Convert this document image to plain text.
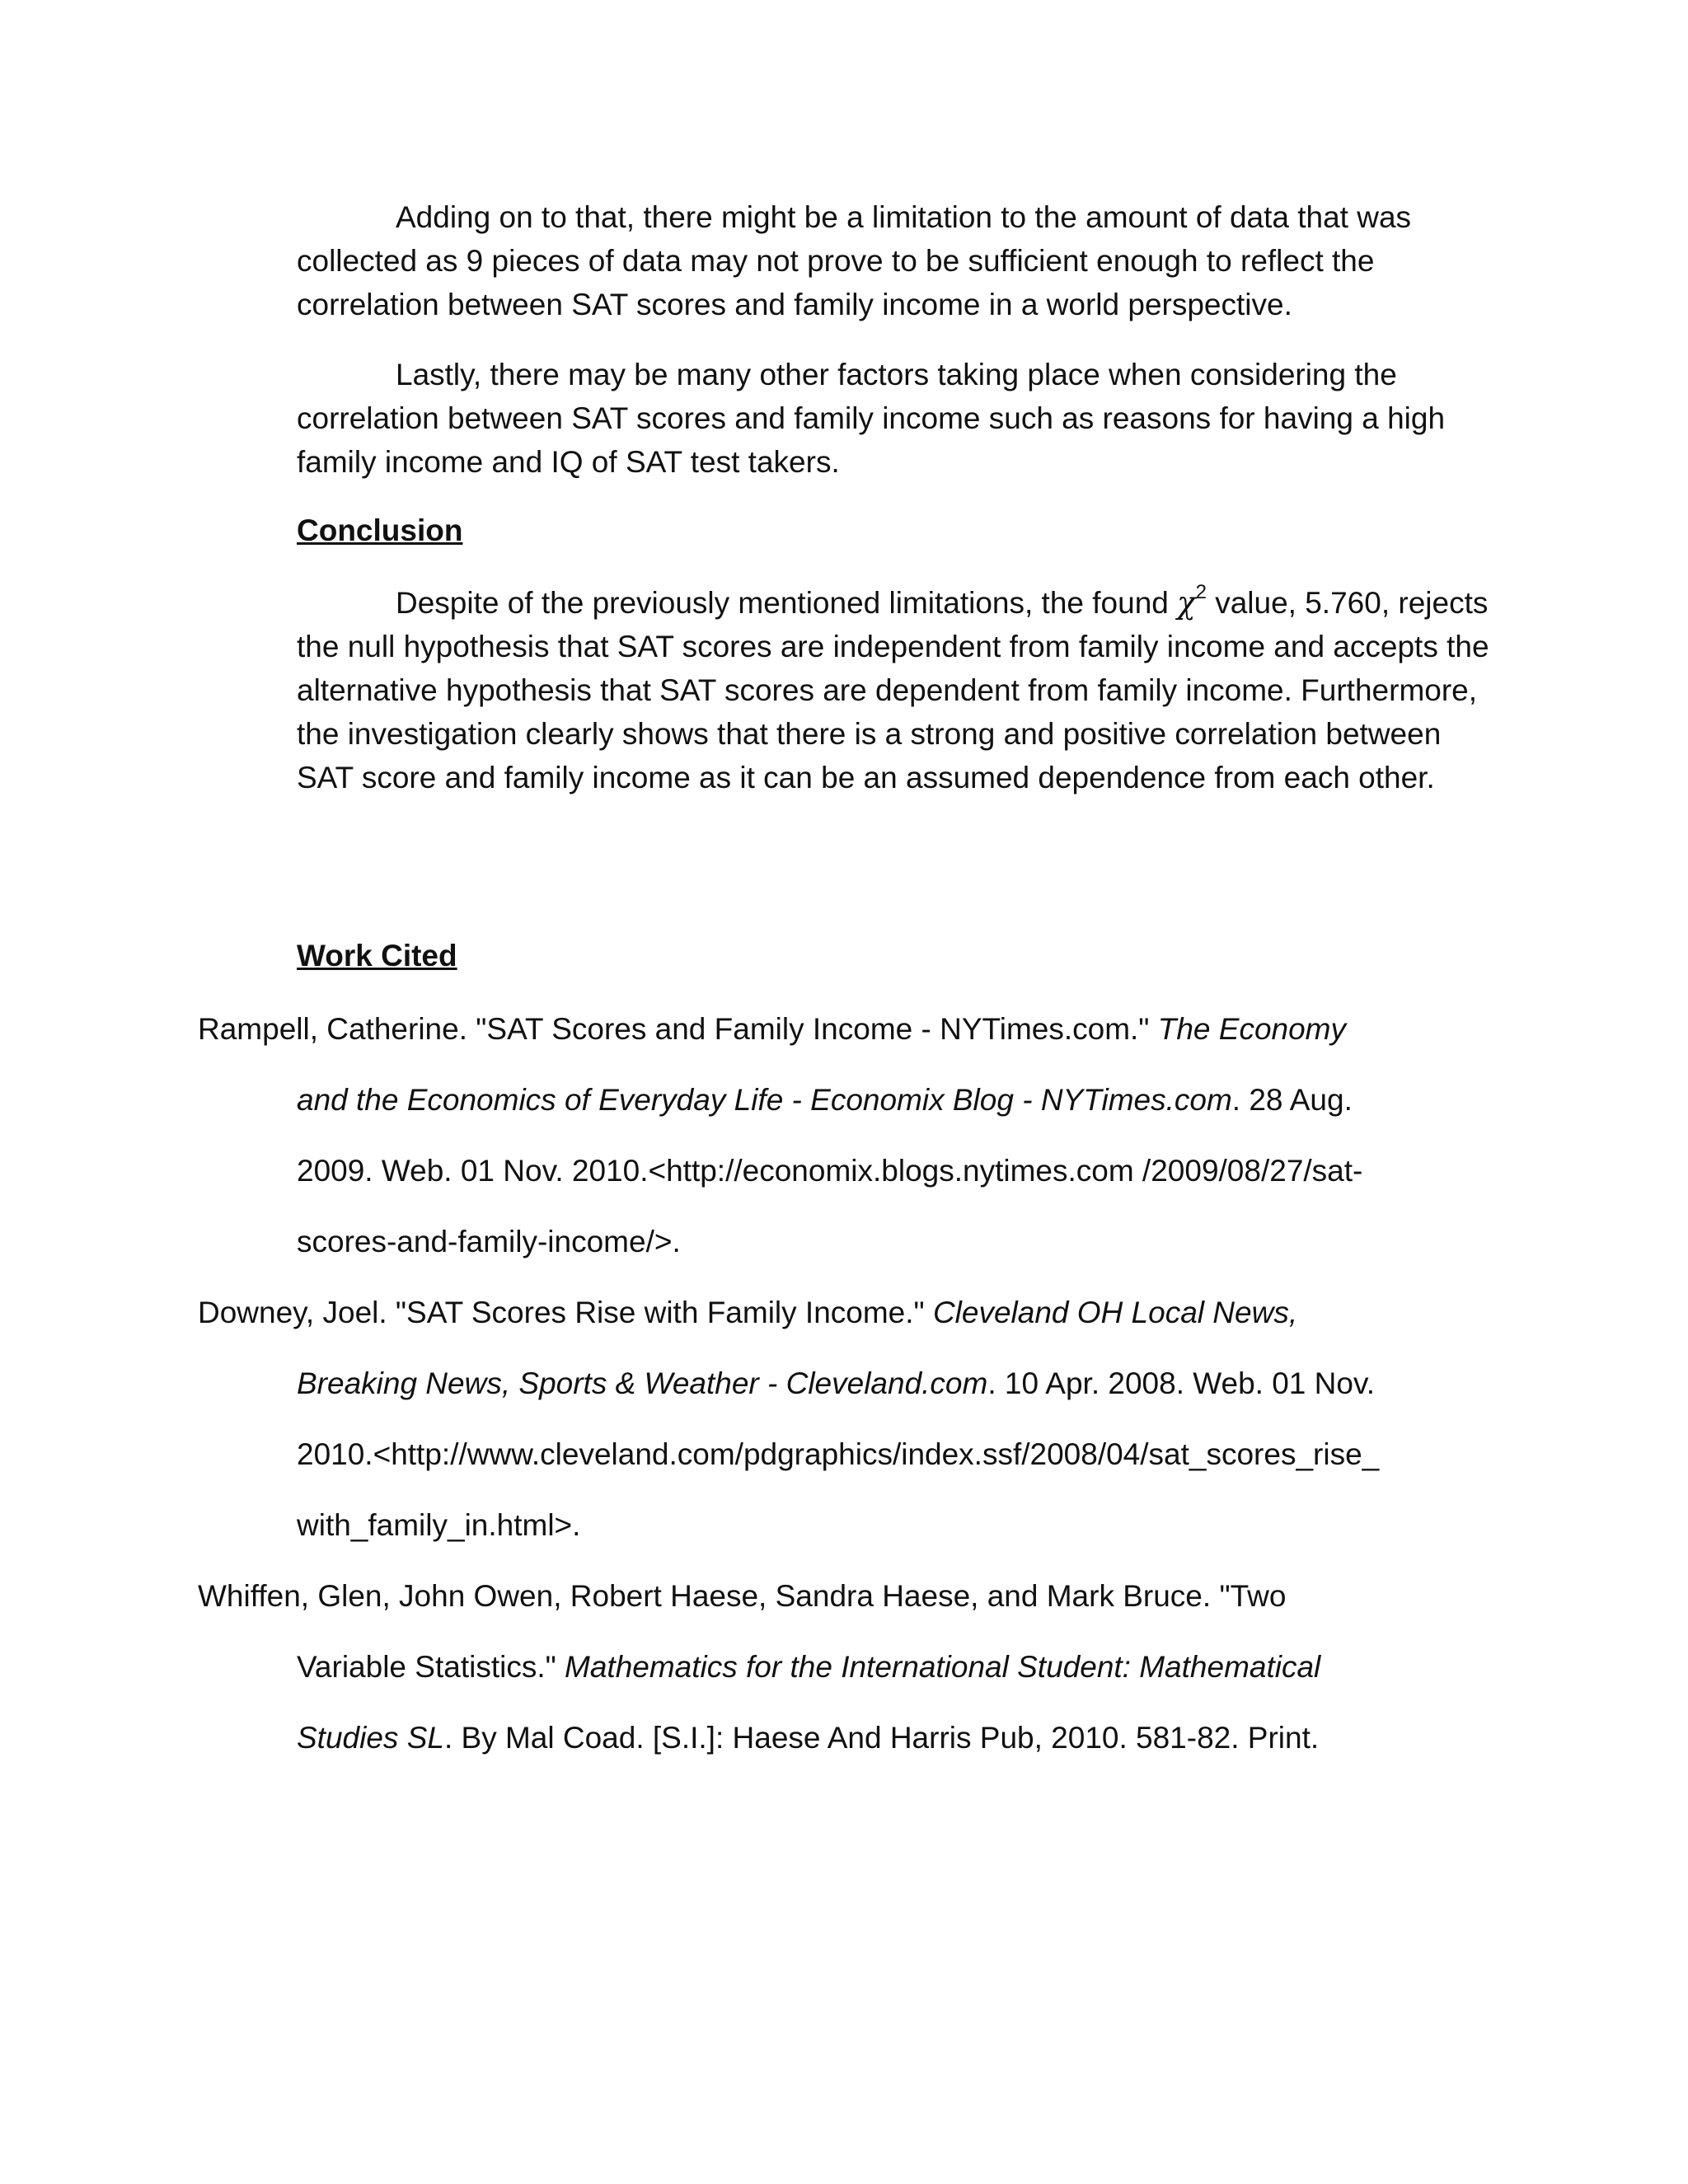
Adding on to that, there might be a limitation to the amount of data that was collected as 9 pieces of data may not prove to be sufficient enough to reflect the correlation between SAT scores and family income in a world perspective.

Lastly, there may be many other factors taking place when considering the correlation between SAT scores and family income such as reasons for having a high family income and IQ of SAT test takers.

Conclusion

Despite of the previously mentioned limitations, the found $\chi^2$ value, 5.760, rejects the null hypothesis that SAT scores are independent from family income and accepts the alternative hypothesis that SAT scores are dependent from family income. Furthermore, the investigation clearly shows that there is a strong and positive correlation between SAT score and family income as it can be an assumed dependence from each other.

Work Cited
Rampell, Catherine. "SAT Scores and Family Income - NYTimes.com." The Economy
and the Economics of Everyday Life - Economix Blog - NYTimes.com. 28 Aug.
2009. Web. 01 Nov. 2010.<http://economix.blogs.nytimes.com /2009/08/27/sat-
scores-and-family-income/>.
Downey, Joel. "SAT Scores Rise with Family Income." Cleveland OH Local News,
Breaking News, Sports & Weather - Cleveland.com. 10 Apr. 2008. Web. 01 Nov.
2010.<http://www.cleveland.com/pdgraphics/index.ssf/2008/04/sat_scores_rise_
with_family_in.html>.
Whiffen, Glen, John Owen, Robert Haese, Sandra Haese, and Mark Bruce. "Two
Variable Statistics." Mathematics for the International Student: Mathematical
Studies SL. By Mal Coad. [S.I.]: Haese And Harris Pub, 2010. 581-82. Print.
